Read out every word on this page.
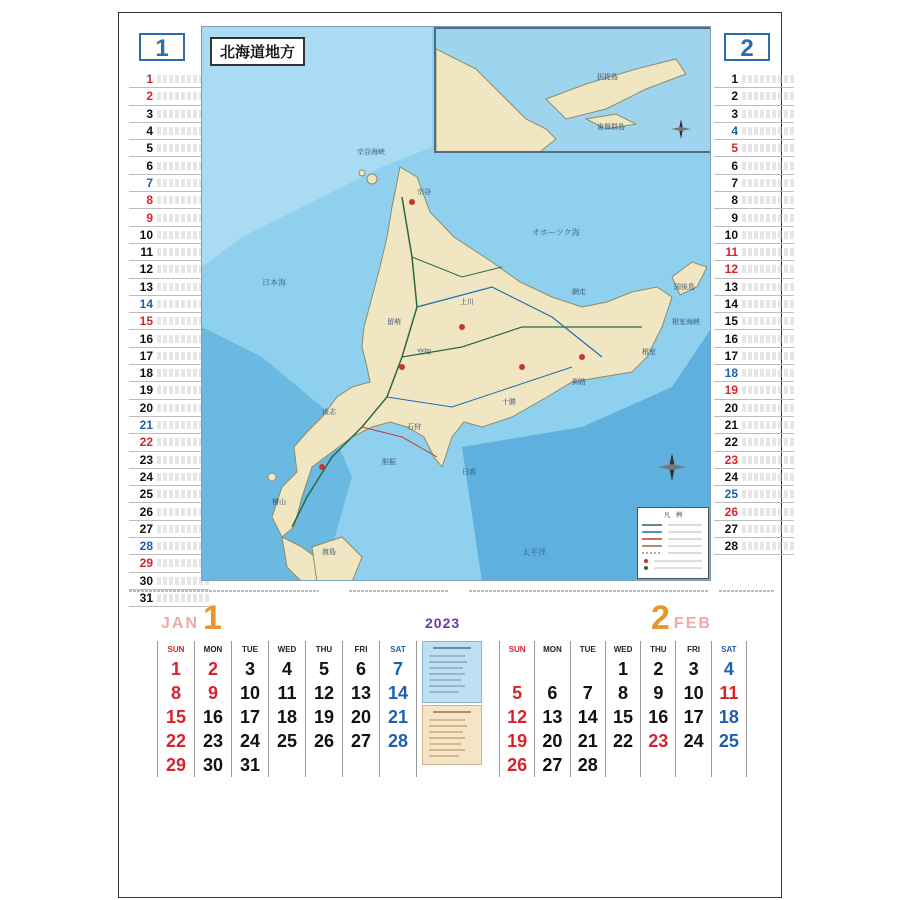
1
1
2
3
4
5
6
7
8
9
10
11
12
13
14
15
16
17
18
19
20
21
22
23
24
25
26
27
28
29
30
31
北海道地方
日本海
オホーツク海
太平洋
宗谷海峡
根室海峡
石狩
上川
網走
釧路
十勝
日高
渡島
檜山
後志
胆振
留萌
宗谷
根室
空知
国後島
択捉島
歯舞群島
凡　例
2
1
2
3
4
5
6
7
8
9
10
11
12
13
14
15
16
17
18
19
20
21
22
23
24
25
26
27
28
JAN 1	2023	2 FEB
SUN	MON	TUE	WED	THU	FRI	SAT
1	2	3	4	5	6	7
8	9	10	11	12	13	14
15	16	17	18	19	20	21
22	23	24	25	26	27	28
29	30	31				
SUN	MON	TUE	WED	THU	FRI	SAT
			1	2	3	4
5	6	7	8	9	10	11
12	13	14	15	16	17	18
19	20	21	22	23	24	25
26	27	28				
